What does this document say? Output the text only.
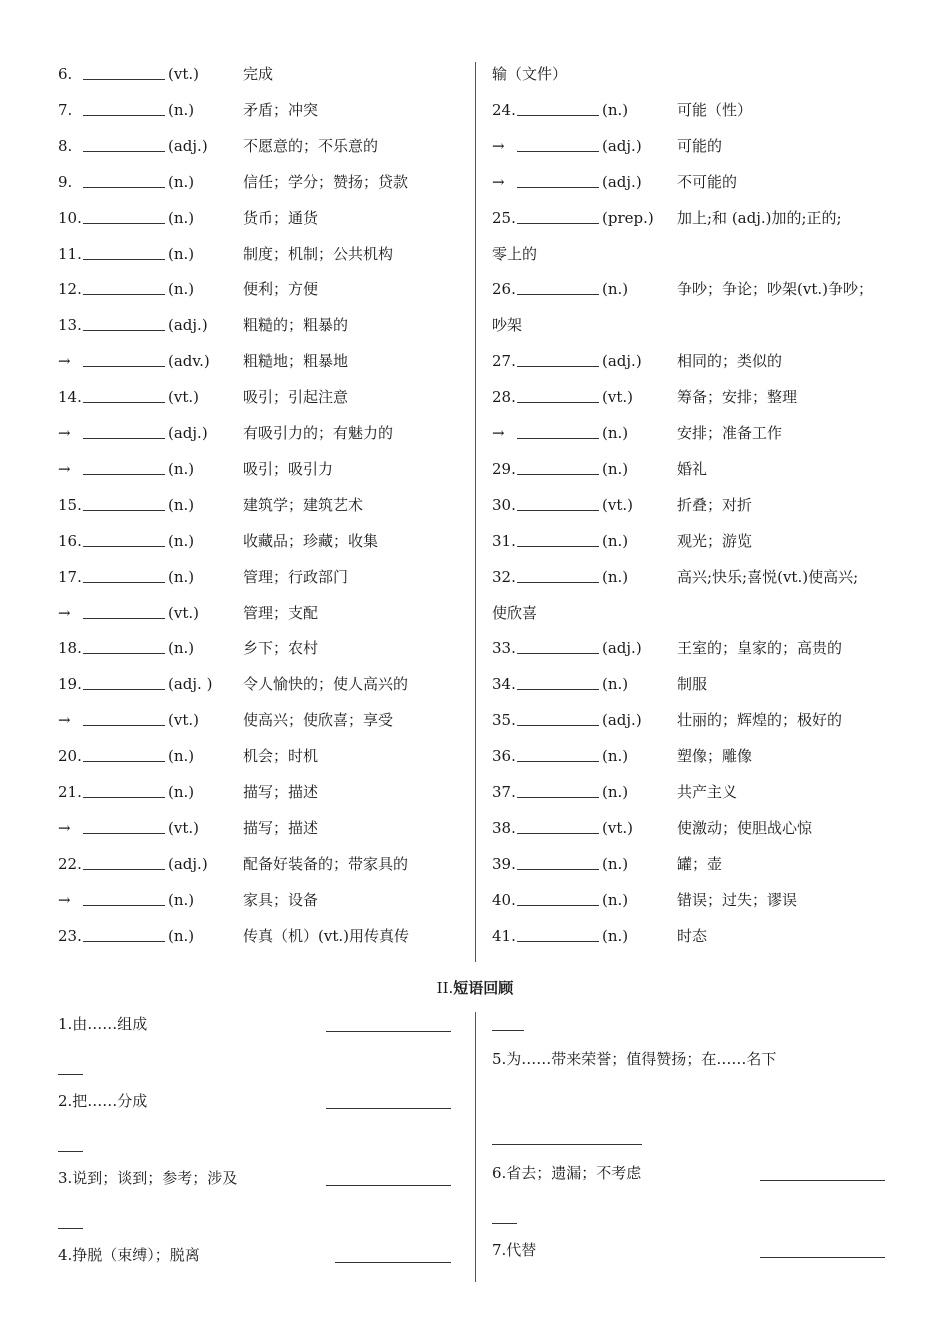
6.	(vt.)	完成
7.	(n.)	矛盾；冲突
8.	(adj.) 不愿意的；不乐意的
9.	(n.)	信任；学分；赞扬；贷款
10.	(n.)	货币；通货
11.	(n.)	制度；机制；公共机构
12.	(n.)	便利；方便
13.	(adj.) 粗糙的；粗暴的
→	(adv.) 粗糙地；粗暴地
14.	(vt.)	吸引；引起注意
→	(adj.) 有吸引力的；有魅力的
→	(n.)	吸引；吸引力
15.	(n.)	建筑学；建筑艺术
16.	(n.)	收藏品；珍藏；收集
17.	(n.)	管理；行政部门
→	(vt.)	管理；支配
18.	(n.)	乡下；农村
19.	(adj. ) 令人愉快的；使人高兴的
→	(vt.)	使高兴；使欣喜；享受
20.	(n.)	机会；时机
21.	(n.)	描写；描述
→	(vt.)	描写；描述
22.	(adj.) 配备好装备的；带家具的
→	(n.)	家具；设备
23.	(n.)	传真（机）(vt.)用传真传
输（文件）
24.	(n.)	可能（性）
→	(adj.) 可能的
→	(adj.) 不可能的
25.	(prep.) 加上;和 (adj.)加的;正的;
零上的
26.	(n.)	争吵；争论；吵架(vt.)争吵；
吵架
27.	(adj.) 相同的；类似的
28.	(vt.)	筹备；安排；整理
→	(n.)	安排；准备工作
29.	(n.)	婚礼
30.	(vt.)	折叠；对折
31.	(n.)	观光；游览
32.	(n.)	高兴;快乐;喜悦(vt.)使高兴;
使欣喜
33.	(adj.) 王室的；皇家的；高贵的
34.	(n.)	制服
35.	(adj.) 壮丽的；辉煌的；极好的
36.	(n.)	塑像；雕像
37.	(n.)	共产主义
38.	(vt.)	使激动；使胆战心惊
39.	(n.)	罐；壶
40.	(n.)	错误；过失；谬误
41.	(n.)	时态
II.短语回顾
1.由……组成
2.把……分成
3.说到；谈到；参考；涉及
4.挣脱（束缚）；脱离
5.为……带来荣誉；值得赞扬；在……名下
6.省去；遗漏；不考虑
7.代替
